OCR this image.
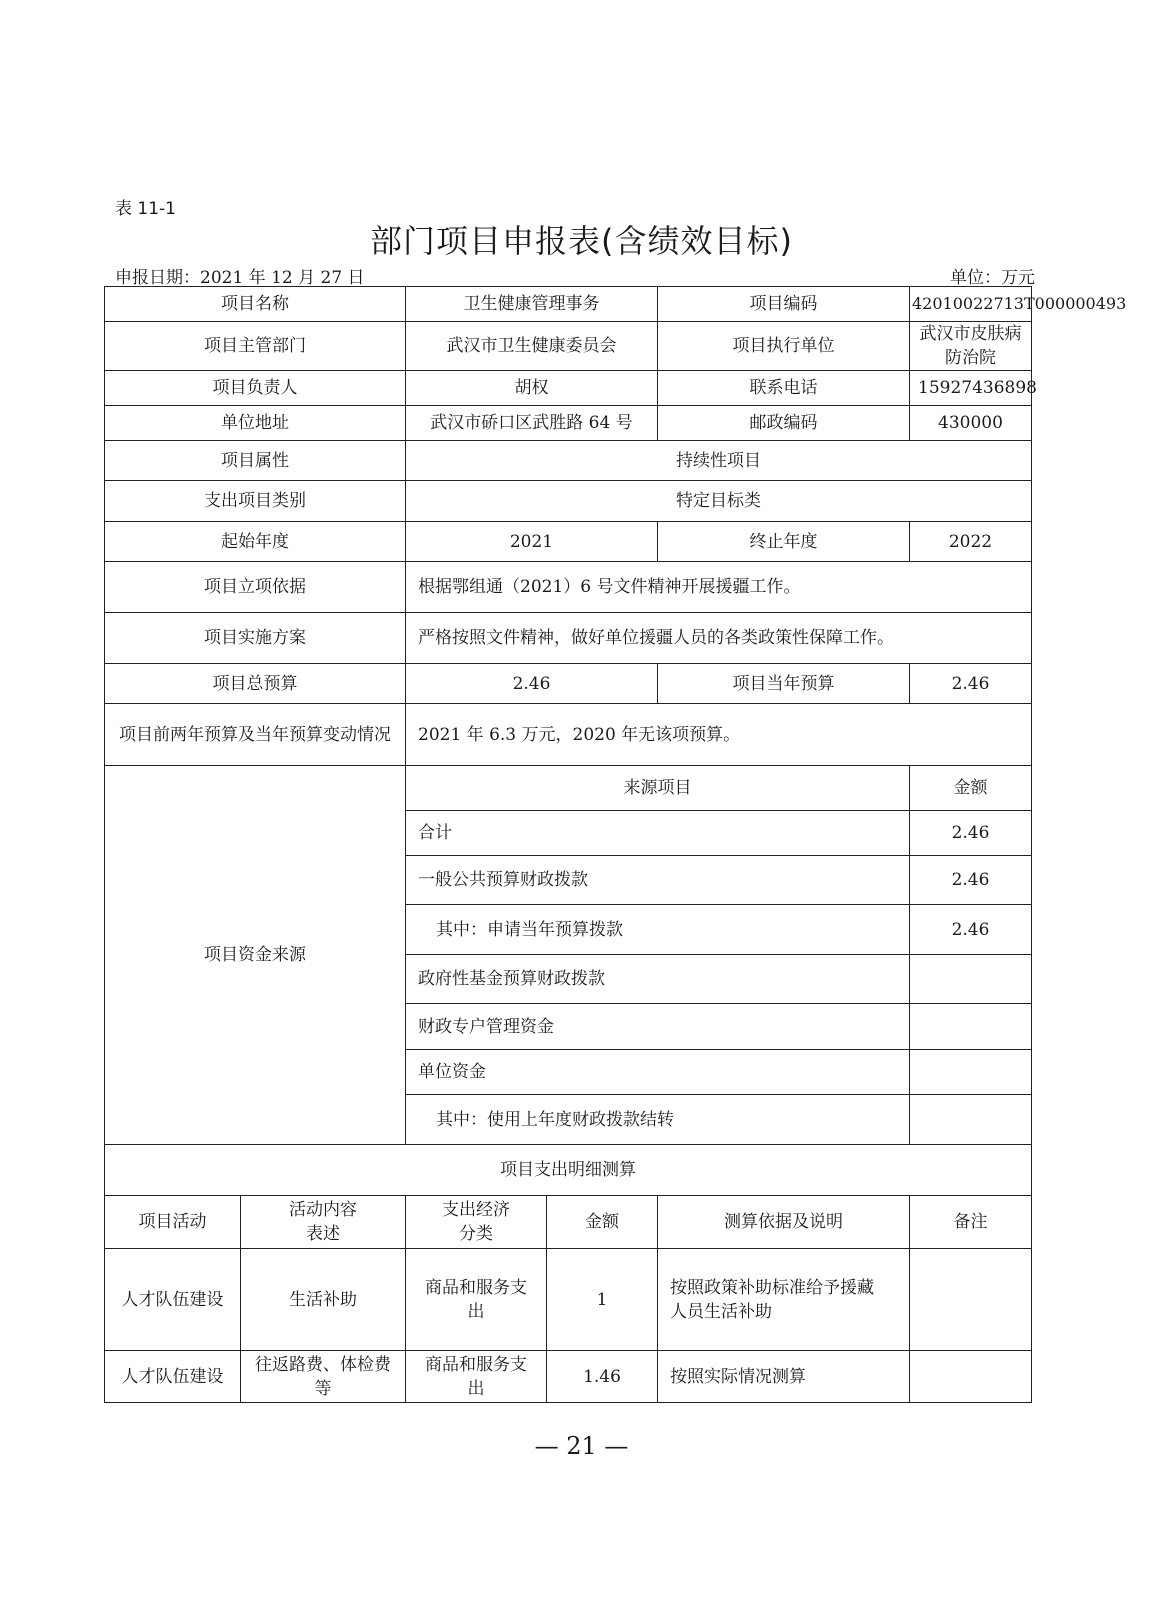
表 11-1
部门项目申报表(含绩效目标)
申报日期：2021 年 12 月 27 日	单位：万元
项目名称		卫生健康管理事务		项目编码	42010022713T000000493
项目主管部门		武汉市卫生健康委员会		项目执行单位	武汉市皮肤病防治院
项目负责人		胡权		联系电话	15927436898
单位地址		武汉市硚口区武胜路 64 号		邮政编码	430000
项目属性		持续性项目			
支出项目类别		特定目标类			
起始年度		2021		终止年度	2022
项目立项依据		根据鄂组通（2021）6 号文件精神开展援疆工作。			
项目实施方案		严格按照文件精神，做好单位援疆人员的各类政策性保障工作。			
项目总预算		2.46		项目当年预算	2.46
项目前两年预算及当年预算变动情况		2021 年 6.3 万元，2020 年无该项预算。			
项目资金来源		来源项目			金额
		合计			2.46
		一般公共预算财政拨款			2.46
		其中：申请当年预算拨款			2.46
		政府性基金预算财政拨款			
		财政专户管理资金			
		单位资金			
		其中：使用上年度财政拨款结转			
项目支出明细测算					
项目活动	活动内容表述	支出经济分类	金额	测算依据及说明	备注
人才队伍建设	生活补助	商品和服务支出	1	按照政策补助标准给予援藏人员生活补助	
人才队伍建设	往返路费、体检费等	商品和服务支出	1.46	按照实际情况测算	
— 21 —
